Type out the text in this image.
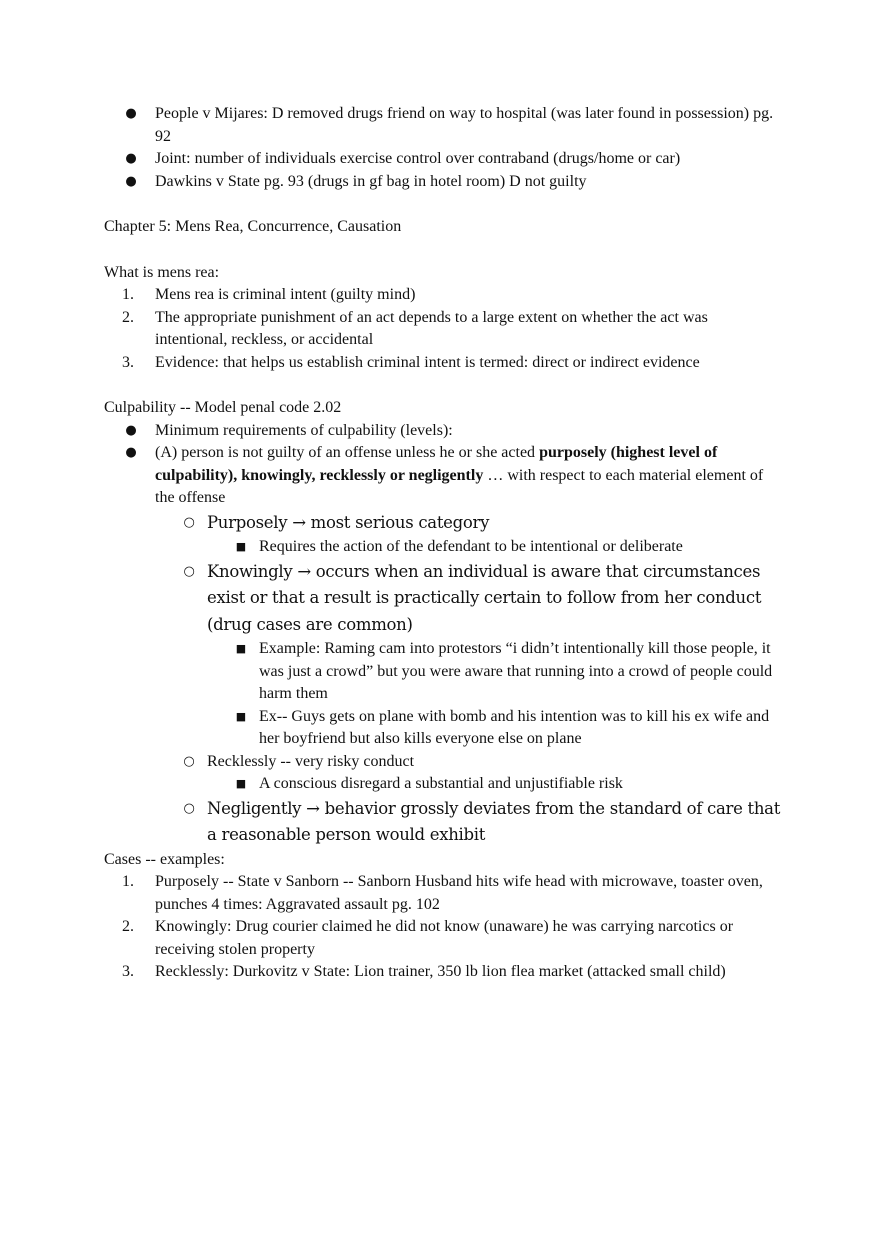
●	People v Mijares: D removed drugs friend on way to hospital (was later found in possession) pg. 92
●	Joint: number of individuals exercise control over contraband (drugs/home or car)
●	Dawkins v State pg. 93 (drugs in gf bag in hotel room) D not guilty

Chapter 5: Mens Rea, Concurrence, Causation

What is mens rea:

1.	Mens rea is criminal intent (guilty mind)
2.	The appropriate punishment of an act depends to a large extent on whether the act was intentional, reckless, or accidental
3.	Evidence: that helps us establish criminal intent is termed: direct or indirect evidence

Culpability -- Model penal code 2.02

●	Minimum requirements of culpability (levels):
●	(A) person is not guilty of an offense unless he or she acted purposely (highest level of culpability), knowingly, recklessly or negligently … with respect to each material element of the offense
○ Purposely → most serious category
■ Requires the action of the defendant to be intentional or deliberate
○ Knowingly → occurs when an individual is aware that circumstances exist or that a result is practically certain to follow from her conduct (drug cases are common)
■ Example: Raming cam into protestors “i didn’t intentionally kill those people, it was just a crowd” but you were aware that running into a crowd of people could harm them
■ Ex-- Guys gets on plane with bomb and his intention was to kill his ex wife and her boyfriend but also kills everyone else on plane
○ Recklessly -- very risky conduct
■ A conscious disregard a substantial and unjustifiable risk
○ Negligently → behavior grossly deviates from the standard of care that a reasonable person would exhibit

Cases -- examples:

1.	Purposely -- State v Sanborn -- Sanborn Husband hits wife head with microwave, toaster oven, punches 4 times: Aggravated assault pg. 102
2.	Knowingly: Drug courier claimed he did not know (unaware) he was carrying narcotics or receiving stolen property
3.	Recklessly: Durkovitz v State: Lion trainer, 350 lb lion flea market (attacked small child)
